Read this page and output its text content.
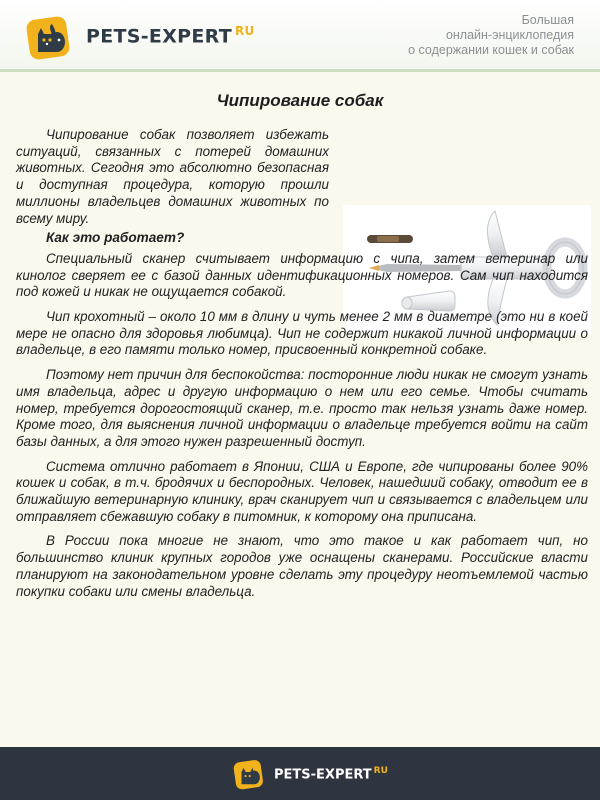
PETS-EXPERT $^{RU}$
Большая
онлайн-энциклопедия
о содержании кошек и собак
Чипирование собак

Чипирование собак позволяет избежать ситуаций, связанных с потерей домашних животных. Сегодня это абсолютно безопасная и доступная процедура, которую прошли миллионы владельцев домашних животных по всему миру.

Как это работает?

Специальный сканер считывает информацию с чипа, затем ветеринар или кинолог сверяет ее с базой данных идентификационных номеров. Сам чип находится под кожей и никак не ощущается собакой.

Чип крохотный – около 10 мм в длину и чуть менее 2 мм в диаметре (это ни в коей мере не опасно для здоровья любимца). Чип не содержит никакой личной информации о владельце, в его памяти только номер, присвоенный конкретной собаке.

Поэтому нет причин для беспокойства: посторонние люди никак не смогут узнать имя владельца, адрес и другую информацию о нем или его семье. Чтобы считать номер, требуется дорогостоящий сканер, т.е. просто так нельзя узнать даже номер. Кроме того, для выяснения личной информации о владельце требуется войти на сайт базы данных, а для этого нужен разрешенный доступ.

Система отлично работает в Японии, США и Европе, где чипированы более 90% кошек и собак, в т.ч. бродячих и беспородных. Человек, нашедший собаку, отводит ее в ближайшую ветеринарную клинику, врач сканирует чип и связывается с владельцем или отправляет сбежавшую собаку в питомник, к которому она приписана.

В России пока многие не знают, что это такое и как работает чип, но большинство клиник крупных городов уже оснащены сканерами. Российские власти планируют на законодательном уровне сделать эту процедуру неотъемлемой частью покупки собаки или смены владельца.

PETS-EXPERT $^{RU}$
